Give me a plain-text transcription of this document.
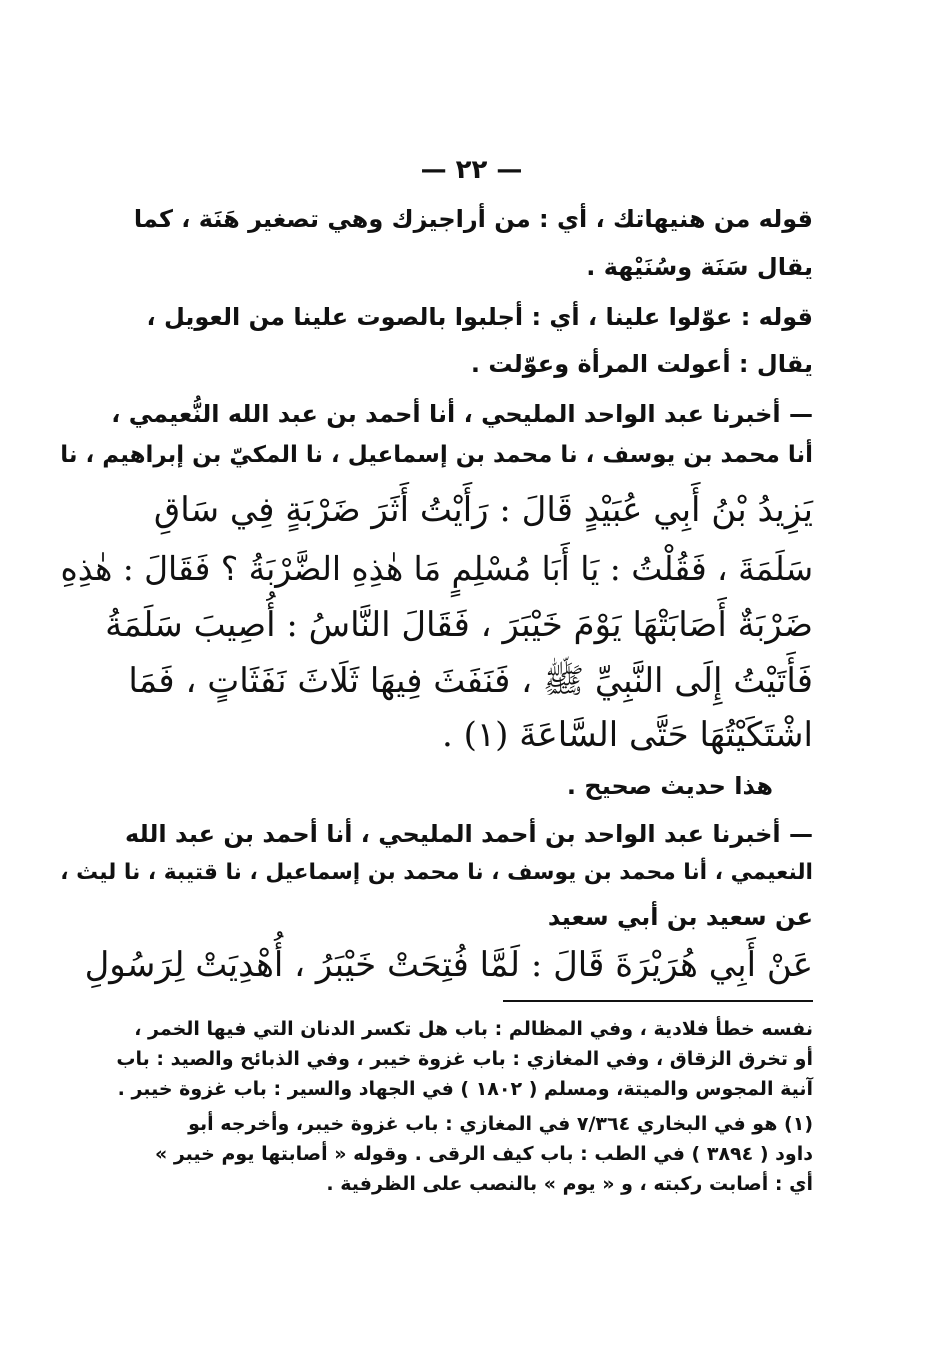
— ٢٢ —
قوله من هنيهاتك ، أي : من أراجيزك وهي تصغير هَنَة ، كما
يقال سَنَة وسُنَيْهة .
قوله : عوّلوا علينا ، أي : أجلبوا بالصوت علينا من العويل ،
يقال : أعولت المرأة وعوّلت .
— أخبرنا عبد الواحد المليحي ، أنا أحمد بن عبد الله النُّعيمي ،
أنا محمد بن يوسف ، نا محمد بن إسماعيل ، نا المكيّ بن إبراهيم ، نا
يَزِيدُ بْنُ أَبِي عُبَيْدٍ قَالَ : رَأَيْتُ أَثَرَ ضَرْبَةٍ فِي سَاقِ
سَلَمَةَ ، فَقُلْتُ : يَا أَبَا مُسْلِمٍ مَا هٰذِهِ الضَّرْبَةُ ؟ فَقَالَ : هٰذِهِ
ضَرْبَةٌ أَصَابَتْهَا يَوْمَ خَيْبَرَ ، فَقَالَ النَّاسُ : أُصِيبَ سَلَمَةُ
فَأَتَيْتُ إِلَى النَّبِيِّ ﷺ ، فَنَفَثَ فِيهَا ثَلَاثَ نَفَثَاتٍ ، فَمَا
اشْتَكَيْتُهَا حَتَّى السَّاعَةَ (١) .
هذا حديث صحيح .
— أخبرنا عبد الواحد بن أحمد المليحي ، أنا أحمد بن عبد الله
النعيمي ، أنا محمد بن يوسف ، نا محمد بن إسماعيل ، نا قتيبة ، نا ليث ،
عن سعيد بن أبي سعيد
عَنْ أَبِي هُرَيْرَةَ قَالَ : لَمَّا فُتِحَتْ خَيْبَرُ ، أُهْدِيَتْ لِرَسُولِ
نفسه خطأ فلادية ، وفي المظالم : باب هل تكسر الدنان التي فيها الخمر ،
أو تخرق الزقاق ، وفي المغازي : باب غزوة خيبر ، وفي الذبائح والصيد : باب
آنية المجوس والميتة، ومسلم ( ١٨٠٢ ) في الجهاد والسير : باب غزوة خيبر .
(١) هو في البخاري ٧/٣٦٤ في المغازي : باب غزوة خيبر، وأخرجه أبو
داود ( ٣٨٩٤ ) في الطب : باب كيف الرقى . وقوله « أصابتها يوم خيبر »
أي : أصابت ركبته ، و « يوم » بالنصب على الظرفية .
